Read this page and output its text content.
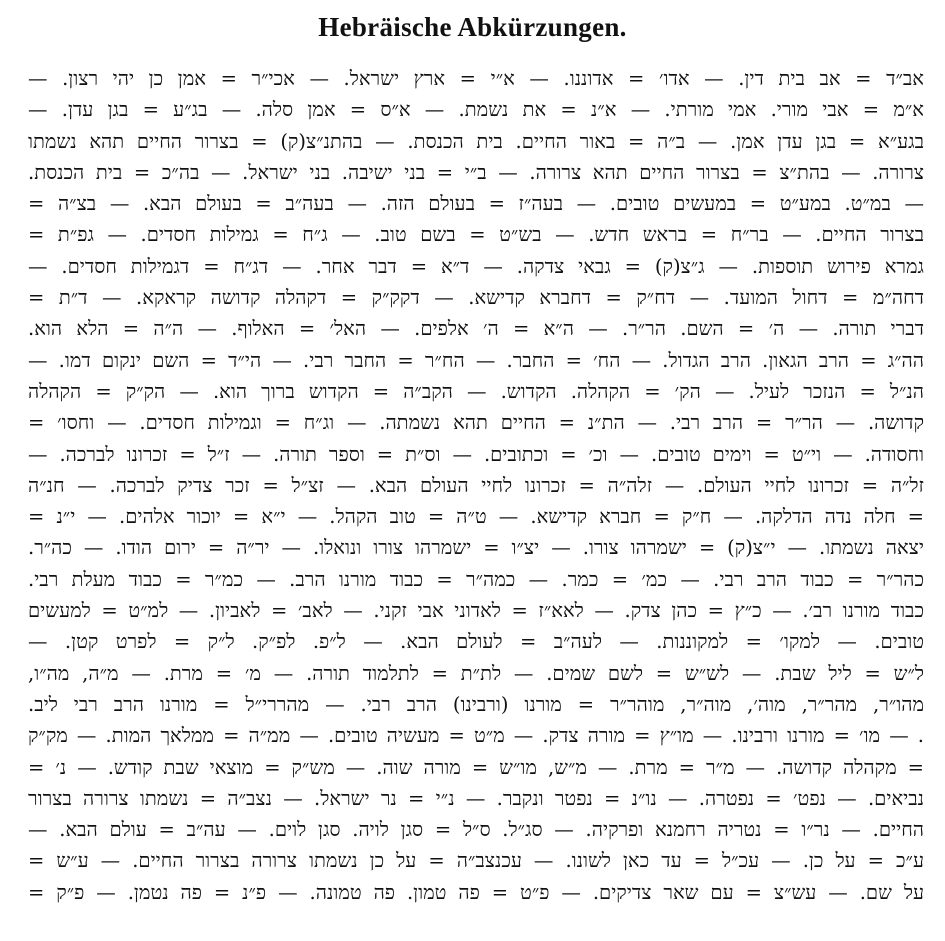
Hebräische Abkürzungen.
אב״ד = אב בית דין. — אדו׳ = אדוננו. — א״י = ארץ ישראל. — אכי״ר = אמן כן יהי רצון. —
א״מ = אבי מורי. אמי מורתי. — א״נ = את נשמת. — א״ס = אמן סלה. — בג״ע = בגן עדן. —
בגע״א = בגן עדן אמן. — ב״ה = באור החיים. בית הכנסת. — בהתנ״צ(ק) = בצרור החיים תהא נשמתו
צרורה. — בהת״צ = בצרור החיים תהא צרורה. — ב״י = בני ישיבה. בני ישראל. — בה״כ = בית הכנסת.
— במ״ט. במע״ט = במעשים טובים. — בעה״ז = בעולם הזה. — בעה״ב = בעולם הבא. — בצ״ה =
בצרור החיים. — בר״ח = בראש חדש. — בש״ט = בשם טוב. — ג״ח = גמילות חסדים. — גפ״ת =
גמרא פירוש תוספות. — ג״צ(ק) = גבאי צדקה. — ד״א = דבר אחר. — דג״ח = דגמילות חסדים. —
דחה״מ = דחול המועד. — דח״ק = דחברא קדישא. — דקק״ק = דקהלה קדושה קראקא. — ד״ת =
דברי תורה. — ה׳ = השם. הר״ר. — ה״א = ה׳ אלפים. — האל׳ = האלוף. — ה״ה = הלא הוא.
הה״ג = הרב הגאון. הרב הגדול. — הח׳ = החבר. — הח״ר = החבר רבי. — הי״ד = השם ינקום דמו. —
הנ״ל = הנזכר לעיל. — הק׳ = הקהלה. הקדוש. — הקב״ה = הקדוש ברוך הוא. — הק״ק = הקהלה
קדושה. — הר״ר = הרב רבי. — הת״נ = החיים תהא נשמתה. — וג״ח = וגמילות חסדים. — וחסו׳ =
וחסודה. — וי״ט = וימים טובים. — וכ׳ = וכתובים. — וס״ת = וספר תורה. — ז״ל = זכרונו לברכה. —
זל״ה = זכרונו לחיי העולם. — זלה״ה = זכרונו לחיי העולם הבא. — זצ״ל = זכר צדיק לברכה. — חנ״ה
= חלה נדה הדלקה. — ח״ק = חברא קדישא. — ט״ה = טוב הקהל. — י״א = יוכור אלהים. — י״נ =
יצאה נשמתו. — י״צ(ק) = ישמרהו צורו. — יצ״ו = ישמרהו צורו ונואלו. — יר״ה = ירום הודו. — כה״ר.
כהר״ר = כבוד הרב רבי. — כמ׳ = כמר. — כמה״ר = כבוד מורנו הרב. — כמ״ר = כבוד מעלת רבי.
כבוד מורנו רב׳. — כ״ץ = כהן צדק. — לאא״ז = לאדוני אבי זקני. — לאב׳ = לאביון. — למ״ט = למעשים
טובים. — למקו׳ = למקוננות. — לעה״ב = לעולם הבא. — ל״פ. לפ״ק. ל״ק = לפרט קטן. —
ל״ש = ליל שבת. — לש״ש = לשם שמים. — לת״ת = לתלמוד תורה. — מ׳ = מרת. — מ״ה, מה״ו,
מהו״ר, מהר״ר, מוה׳, מוה״ר, מוהר״ר = מורנו (ורבינו) הרב רבי. — מהררי״ל = מורנו הרב רבי ליב.
. — מו׳ = מורנו ורבינו. — מו״ץ = מורה צדק. — מ״ט = מעשיה טובים. — ממ״ה = ממלאך המות. — מק״ק
= מקהלה קדושה. — מ״ר = מרת. — מ״ש, מו״ש = מורה שוה. — מש״ק = מוצאי שבת קודש. — נ׳ =
נביאים. — נפט׳ = נפטרה. — נו״נ = נפטר ונקבר. — נ״י = נר ישראל. — נצב״ה = נשמתו צרורה בצרור
החיים. — נר״ו = נטריה רחמנא ופרקיה. — סג״ל. ס״ל = סגן לויה. סגן לוים. — עה״ב = עולם הבא. —
ע״כ = על כן. — עכ״ל = עד כאן לשונו. — עכנצב״ה = על כן נשמתו צרורה בצרור החיים. — ע״ש =
על שם. — עש״צ = עם שאר צדיקים. — פ״ט = פה טמון. פה טמונה. — פ״נ = פה נטמן. — פ״ק =
